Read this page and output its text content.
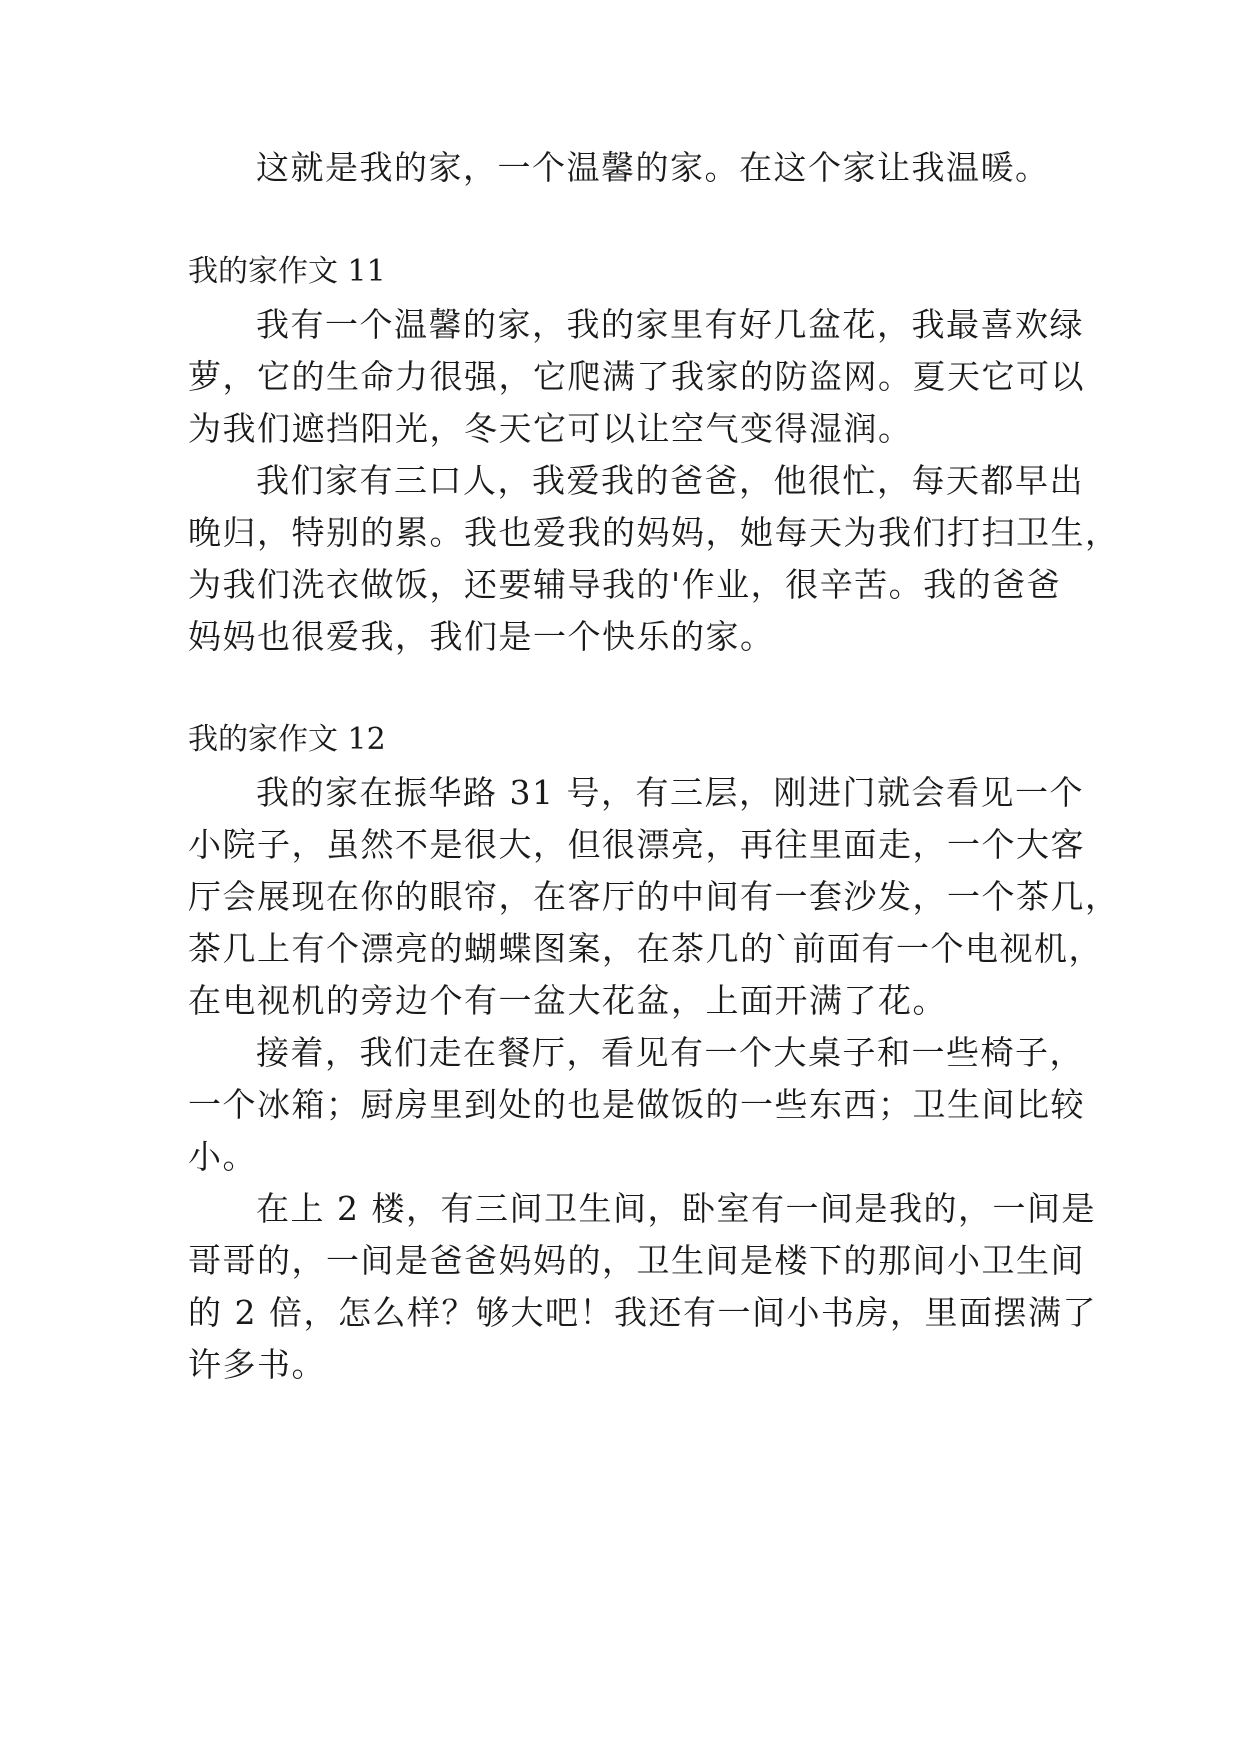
这就是我的家，一个温馨的家。在这个家让我温暖。
我的家作文 11
我有一个温馨的家，我的家里有好几盆花，我最喜欢绿
萝，它的生命力很强，它爬满了我家的防盗网。夏天它可以
为我们遮挡阳光，冬天它可以让空气变得湿润。
我们家有三口人，我爱我的爸爸，他很忙，每天都早出
晚归，特别的累。我也爱我的妈妈，她每天为我们打扫卫生，
为我们洗衣做饭，还要辅导我的'作业，很辛苦。我的爸爸
妈妈也很爱我，我们是一个快乐的家。
我的家作文 12
我的家在振华路 31 号，有三层，刚进门就会看见一个
小院子，虽然不是很大，但很漂亮，再往里面走，一个大客
厅会展现在你的眼帘，在客厅的中间有一套沙发，一个茶几，
茶几上有个漂亮的蝴蝶图案，在茶几的`前面有一个电视机，
在电视机的旁边个有一盆大花盆，上面开满了花。
接着，我们走在餐厅，看见有一个大桌子和一些椅子，
一个冰箱；厨房里到处的也是做饭的一些东西；卫生间比较
小。
在上 2 楼，有三间卫生间，卧室有一间是我的，一间是
哥哥的，一间是爸爸妈妈的，卫生间是楼下的那间小卫生间
的 2 倍，怎么样？够大吧！我还有一间小书房，里面摆满了
许多书。
